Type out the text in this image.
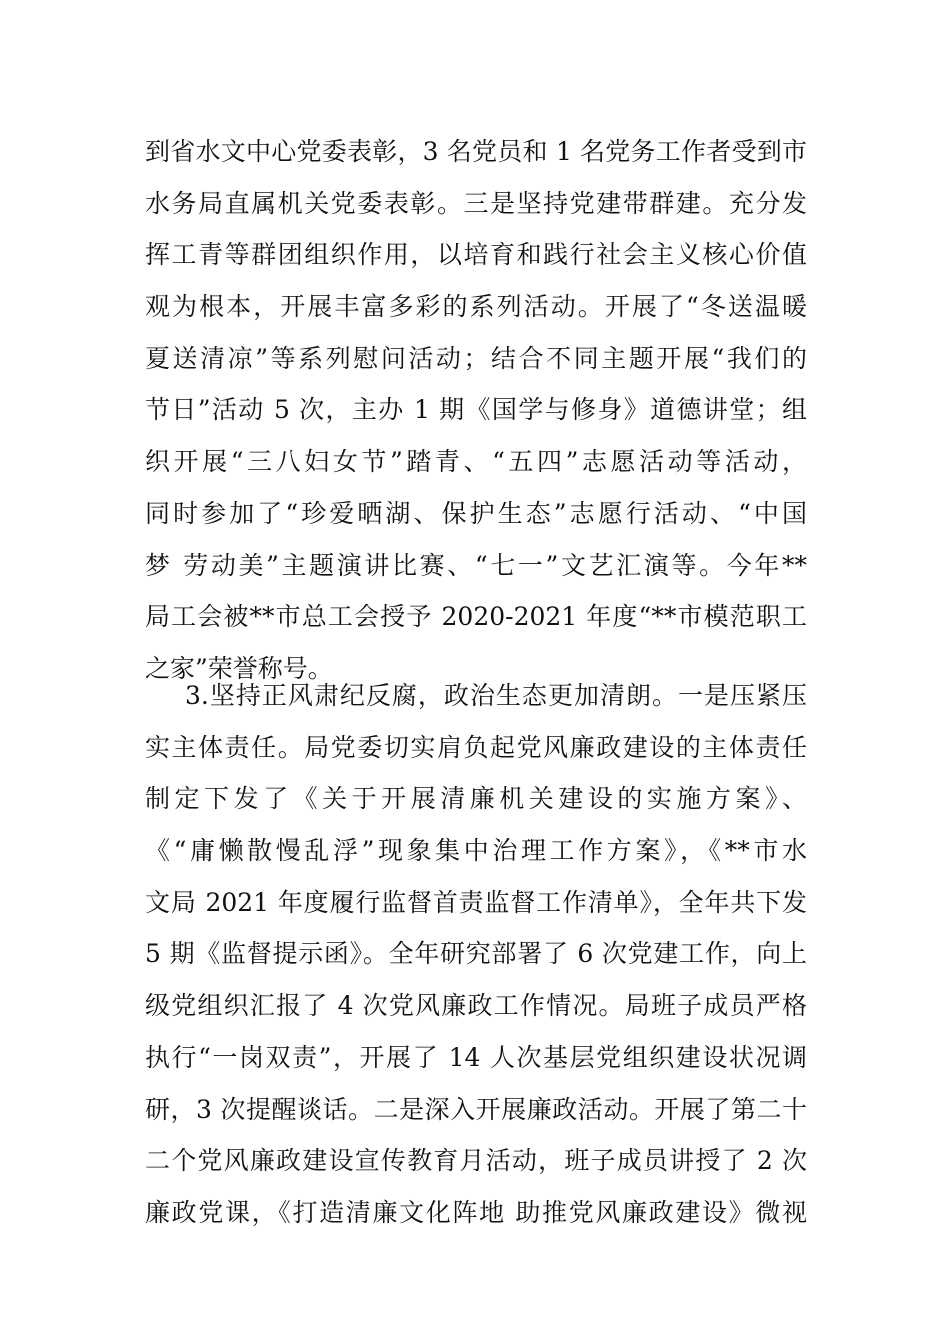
到省水文中心党委表彰，3 名党员和 1 名党务工作者受到市
水务局直属机关党委表彰。三是坚持党建带群建。充分发
挥工青等群团组织作用，以培育和践行社会主义核心价值
观为根本，开展丰富多彩的系列活动。开展了“冬送温暖
夏送清凉”等系列慰问活动；结合不同主题开展“我们的
节日”活动 5 次，主办 1 期《国学与修身》道德讲堂；组
织开展“三八妇女节”踏青、“五四”志愿活动等活动，
同时参加了“珍爱晒湖、保护生态”志愿行活动、“中国
梦 劳动美”主题演讲比赛、“七一”文艺汇演等。今年**
局工会被**市总工会授予 2020-2021 年度“**市模范职工
之家”荣誉称号。
3.坚持正风肃纪反腐，政治生态更加清朗。一是压紧压
实主体责任。局党委切实肩负起党风廉政建设的主体责任
制定下发了《关于开展清廉机关建设的实施方案》、
《“庸懒散慢乱浮”现象集中治理工作方案》，《**市水
文局 2021 年度履行监督首责监督工作清单》，全年共下发
5 期《监督提示函》。全年研究部署了 6 次党建工作，向上
级党组织汇报了 4 次党风廉政工作情况。局班子成员严格
执行“一岗双责”，开展了 14 人次基层党组织建设状况调
研，3 次提醒谈话。二是深入开展廉政活动。开展了第二十
二个党风廉政建设宣传教育月活动，班子成员讲授了 2 次
廉政党课，《打造清廉文化阵地 助推党风廉政建设》微视
